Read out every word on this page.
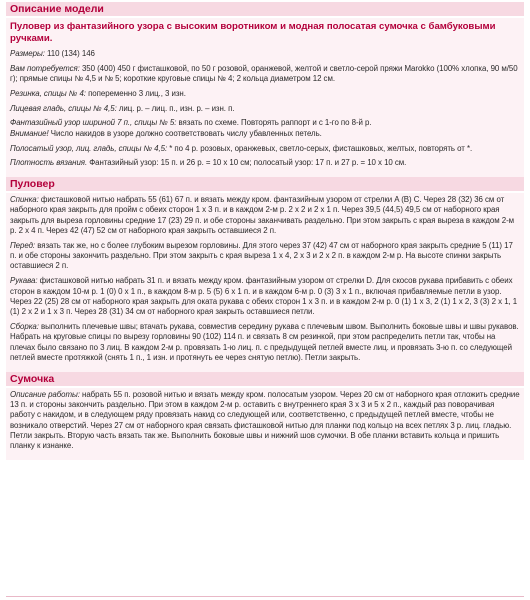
Описание модели
Пуловер из фантазийного узора с высоким воротником и модная полосатая сумочка с бамбуковыми ручками.

Размеры: 110 (134) 146

Вам потребуется: 350 (400) 450 г фисташковой, по 50 г розовой, оранжевой, желтой и светло-серой пряжи Marokko (100% хлопка, 90 м/50 г); прямые спицы № 4,5 и № 5; короткие круговые спицы № 4; 2 кольца диаметром 12 см.

Резинка, спицы № 4: попеременно 3 лиц., 3 изн.

Лицевая гладь, спицы № 4,5: лиц. р. – лиц. п., изн. р. – изн. п.

Фантазийный узор шириной 7 п., спицы № 5: вязать по схеме. Повторять раппорт и с 1-го по 8-й р.
Внимание! Число накидов в узоре должно соответствовать числу убавленных петель.

Полосатый узор, лиц. гладь, спицы № 4,5: * по 4 р. розовых, оранжевых, светло-серых, фисташковых, желтых, повторять от *.

Плотность вязания. Фантазийный узор: 15 п. и 26 р. = 10 х 10 см; полосатый узор: 17 п. и 27 р. = 10 х 10 см.

Пуловер

Спинка: фисташковой нитью набрать 55 (61) 67 п. и вязать между кром. фантазийным узором от стрелки A (B) C. Через 28 (32) 36 см от наборного края закрыть для пройм с обеих сторон 1 х 3 п. и в каждом 2-м р. 2 х 2 и 2 х 1 п. Через 39,5 (44,5) 49,5 см от наборного края закрыть для выреза горловины средние 17 (23) 29 п. и обе стороны заканчивать раздельно. При этом закрыть с края выреза в каждом 2-м р. 2 х 4 п. Через 42 (47) 52 см от наборного края закрыть оставшиеся 2 п.

Перед: вязать так же, но с более глубоким вырезом горловины. Для этого через 37 (42) 47 см от наборного края закрыть средние 5 (11) 17 п. и обе стороны закончить раздельно. При этом закрыть с края выреза 1 х 4, 2 х 3 и 2 х 2 п. в каждом 2-м р. На высоте спинки закрыть оставшиеся 2 п.

Рукава: фисташковой нитью набрать 31 п. и вязать между кром. фантазийным узором от стрелки D. Для скосов рукава прибавить с обеих сторон в каждом 10-м р. 1 (0) 0 х 1 п., в каждом 8-м р. 5 (5) 6 х 1 п. и в каждом 6-м р. 0 (3) 3 х 1 п., включая прибавляемые петли в узор. Через 22 (25) 28 см от наборного края закрыть для оката рукава с обеих сторон 1 х 3 п. и в каждом 2-м р. 0 (1) 1 х 3, 2 (1) 1 х 2, 3 (3) 2 х 1, 1 (1) 2 х 2 и 1 х 3 п. Через 28 (31) 34 см от наборного края закрыть оставшиеся петли.

Сборка: выполнить плечевые швы; втачать рукава, совместив середину рукава с плечевым швом. Выполнить боковые швы и швы рукавов. Набрать на круговые спицы по вырезу горловины 90 (102) 114 п. и связать 8 см резинкой, при этом распределить петли так, чтобы на плечах было связано по 3 лиц. В каждом 2-м р. провязать 1-ю лиц. п. с предыдущей петлей вместе лиц. и провязать 3-ю п. со следующей петлей вместе протяжкой (снять 1 п., 1 изн. и протянуть ее через снятую петлю). Петли закрыть.

Сумочка

Описание работы: набрать 55 п. розовой нитью и вязать между кром. полосатым узором. Через 20 см от наборного края отложить средние 13 п. и стороны закончить раздельно. При этом в каждом 2-м р. оставить с внутреннего края 3 х 3 и 5 х 2 п., каждый раз поворачивая работу с накидом, и в следующем ряду провязать накид со следующей или, соответственно, с предыдущей петлей вместе, чтобы не возникало отверстий. Через 27 см от наборного края связать фисташковой нитью для планки под кольцо на всех петлях 3 р. лиц. гладью. Петли закрыть. Вторую часть вязать так же. Выполнить боковые швы и нижний шов сумочки. В обе планки вставить кольца и пришить планку к изнанке.
